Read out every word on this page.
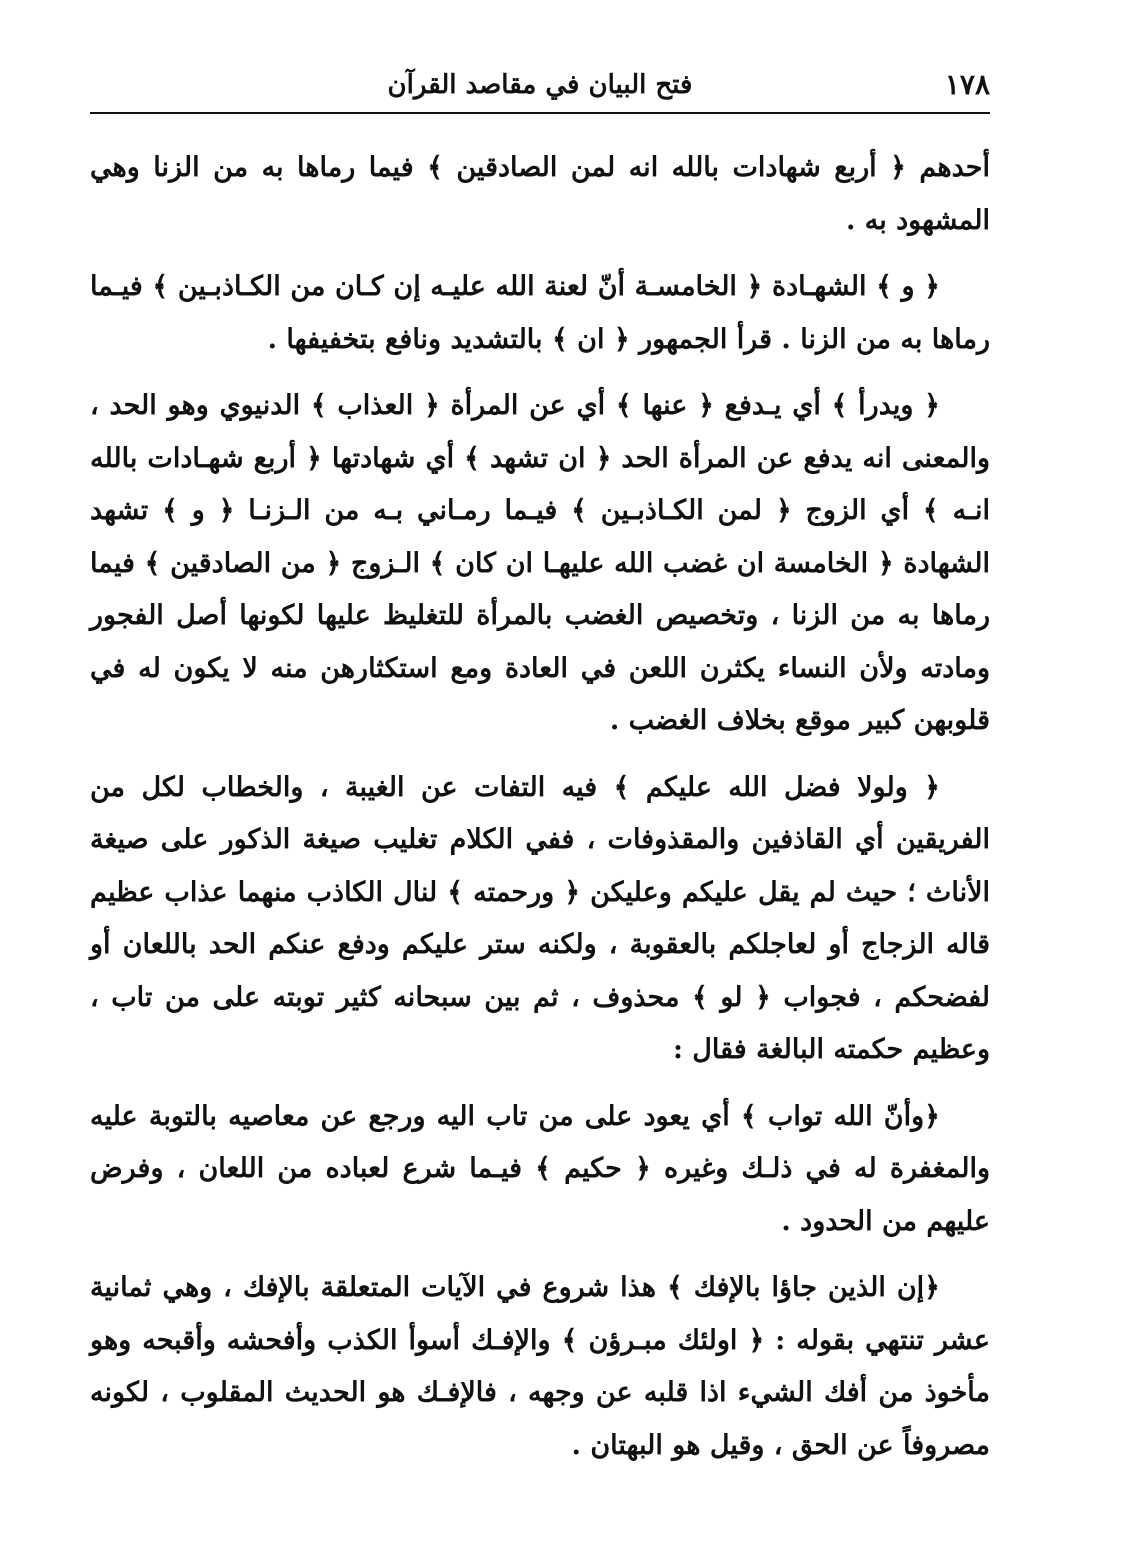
١٧٨
فتح البيان في مقاصد القرآن

أحدهم ﴿ أربع شهادات بالله انه لمن الصادقين ﴾ فيما رماها به من الزنا وهي المشهود به .

﴿ و ﴾ الشهـادة ﴿ الخامسـة أنّ لعنة الله عليـه إن كـان من الكـاذبـين ﴾ فيـما رماها به من الزنا . قرأ الجمهور ﴿ ان ﴾ بالتشديد ونافع بتخفيفها .

﴿ ويدرأ ﴾ أي يـدفع ﴿ عنها ﴾ أي عن المرأة ﴿ العذاب ﴾ الدنيوي وهو الحد ، والمعنى انه يدفع عن المرأة الحد ﴿ ان تشهد ﴾ أي شهادتها ﴿ أربع شهـادات بالله انـه ﴾ أي الزوج ﴿ لمن الكـاذبـين ﴾ فيـما رمـاني بـه من الـزنـا ﴿ و ﴾ تشهد الشهادة ﴿ الخامسة ان غضب الله عليهـا ان كان ﴾ الـزوج ﴿ من الصادقين ﴾ فيما رماها به من الزنا ، وتخصيص الغضب بالمرأة للتغليظ عليها لكونها أصل الفجور ومادته ولأن النساء يكثرن اللعن في العادة ومع استكثارهن منه لا يكون له في قلوبهن كبير موقع بخلاف الغضب .

﴿ ولولا فضل الله عليكم ﴾ فيه التفات عن الغيبة ، والخطاب لكل من الفريقين أي القاذفين والمقذوفات ، ففي الكلام تغليب صيغة الذكور على صيغة الأناث ؛ حيث لم يقل عليكم وعليكن ﴿ ورحمته ﴾ لنال الكاذب منهما عذاب عظيم قاله الزجاج أو لعاجلكم بالعقوبة ، ولكنه ستر عليكم ودفع عنكم الحد باللعان أو لفضحكم ، فجواب ﴿ لو ﴾ محذوف ، ثم بين سبحانه كثير توبته على من تاب ، وعظيم حكمته البالغة فقال :

﴿وأنّ الله تواب ﴾ أي يعود على من تاب اليه ورجع عن معاصيه بالتوبة عليه والمغفرة له في ذلـك وغيره ﴿ حكيم ﴾ فيـما شرع لعباده من اللعان ، وفرض عليهم من الحدود .

﴿إن الذين جاؤا بالإفك ﴾ هذا شروع في الآيات المتعلقة بالإفك ، وهي ثمانية عشر تنتهي بقوله : ﴿ اولئك مبـرؤن ﴾ والإفـك أسوأ الكذب وأفحشه وأقبحه وهو مأخوذ من أفك الشيء اذا قلبه عن وجهه ، فالإفـك هو الحديث المقلوب ، لكونه مصروفاً عن الحق ، وقيل هو البهتان .
